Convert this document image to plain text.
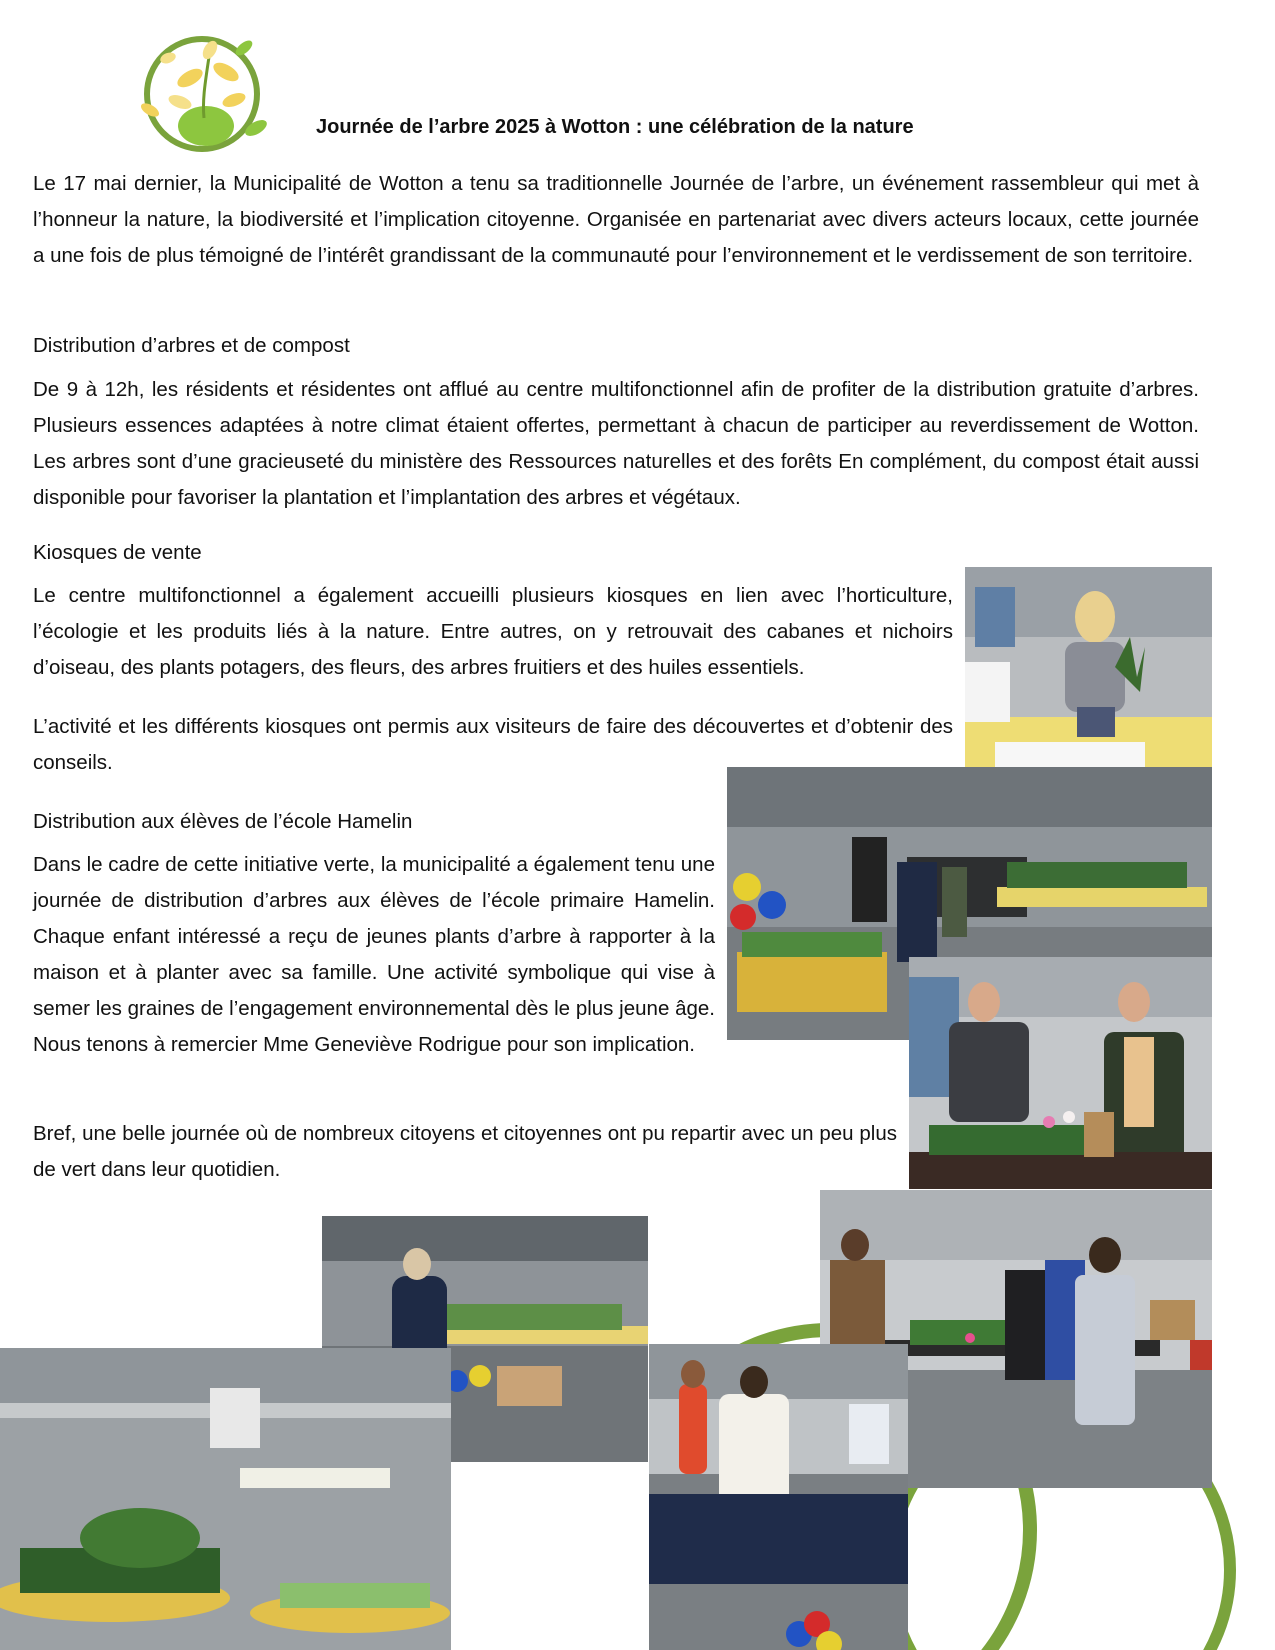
Journée de l’arbre 2025 à Wotton : une célébration de la nature

Le 17 mai dernier, la Municipalité de Wotton a tenu sa traditionnelle Journée de l’arbre, un événement rassembleur qui met à l’honneur la nature, la biodiversité et l’implication citoyenne. Organisée en partenariat avec divers acteurs locaux, cette journée a une fois de plus témoigné de l’intérêt grandissant de la communauté pour l’environnement et le verdissement de son territoire.

Distribution d’arbres et de compost

De 9 à 12h, les résidents et résidentes ont afflué au centre multifonctionnel afin de profiter de la distribution gratuite d’arbres. Plusieurs essences adaptées à notre climat étaient offertes, permettant à chacun de participer au reverdissement de Wotton. Les arbres sont d’une gracieuseté du ministère des Ressources naturelles et des forêts En complément, du compost était aussi disponible pour favoriser la plantation et l’implantation des arbres et végétaux.

Kiosques de vente

Le centre multifonctionnel a également accueilli plusieurs kiosques en lien avec l’horticulture, l’écologie et les produits liés à la nature. Entre autres, on y retrouvait des cabanes et nichoirs d’oiseau, des plants potagers, des fleurs, des arbres fruitiers et des huiles essentiels.

L’activité et les différents kiosques ont permis aux visiteurs de faire des découvertes et d’obtenir des conseils.

Distribution aux élèves de l’école Hamelin

Dans le cadre de cette initiative verte, la municipalité a également tenu une journée de distribution d’arbres aux élèves de l’école primaire Hamelin. Chaque enfant intéressé a reçu de jeunes plants d’arbre à rapporter à la maison et à planter avec sa famille. Une activité symbolique qui vise à semer les graines de l’engagement environnemental dès le plus jeune âge. Nous tenons à remercier Mme Geneviève Rodrigue pour son implication.

Bref, une belle journée où de nombreux citoyens et citoyennes ont pu repartir avec un peu plus de vert dans leur quotidien.
